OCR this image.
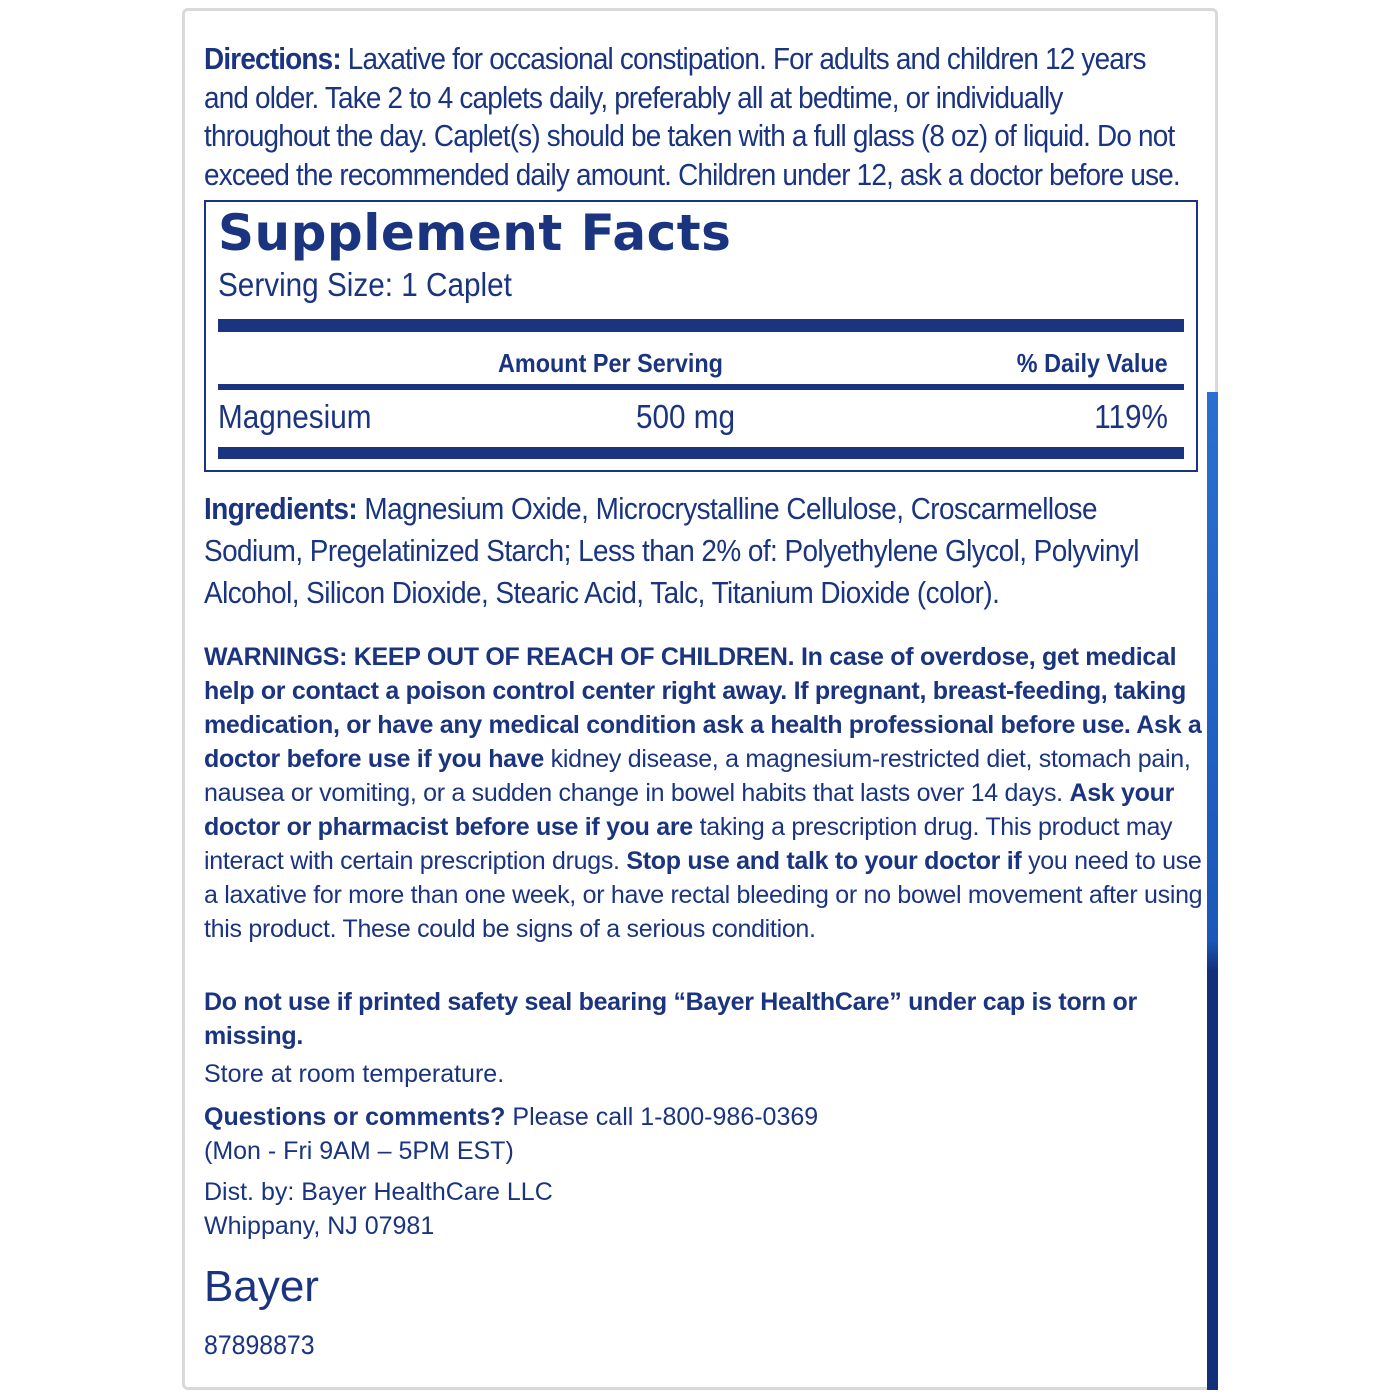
Directions: Laxative for occasional constipation. For adults and children 12 years and older. Take 2 to 4 caplets daily, preferably all at bedtime, or individually throughout the day. Caplet(s) should be taken with a full glass (8 oz) of liquid. Do not exceed the recommended daily amount. Children under 12, ask a doctor before use.

Supplement Facts
Serving Size: 1 Caplet
Amount Per Serving	% Daily Value
Magnesium	500 mg	119%

Ingredients: Magnesium Oxide, Microcrystalline Cellulose, Croscarmellose Sodium, Pregelatinized Starch; Less than 2% of: Polyethylene Glycol, Polyvinyl Alcohol, Silicon Dioxide, Stearic Acid, Talc, Titanium Dioxide (color).

WARNINGS: KEEP OUT OF REACH OF CHILDREN. In case of overdose, get medical help or contact a poison control center right away. If pregnant, breast-feeding, taking medication, or have any medical condition ask a health professional before use. Ask a doctor before use if you have kidney disease, a magnesium-restricted diet, stomach pain, nausea or vomiting, or a sudden change in bowel habits that lasts over 14 days. Ask your doctor or pharmacist before use if you are taking a prescription drug. This product may interact with certain prescription drugs. Stop use and talk to your doctor if you need to use a laxative for more than one week, or have rectal bleeding or no bowel movement after using this product. These could be signs of a serious condition.

Do not use if printed safety seal bearing “Bayer HealthCare” under cap is torn or missing.

Store at room temperature.

Questions or comments? Please call 1-800-986-0369
(Mon - Fri 9AM – 5PM EST)

Dist. by: Bayer HealthCare LLC
Whippany, NJ 07981

Bayer
87898873
